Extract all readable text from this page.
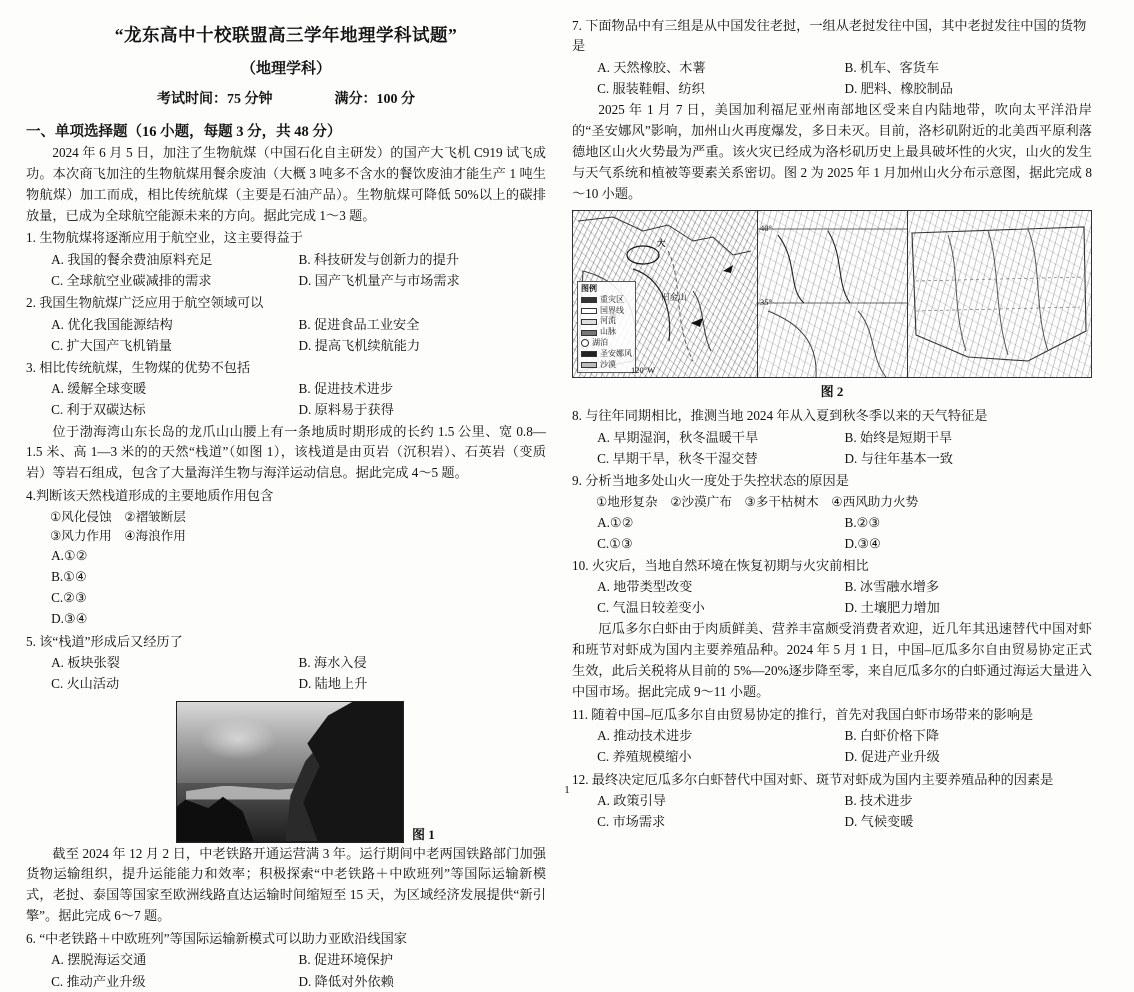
“龙东高中十校联盟高三学年地理学科试题”
（地理学科）
考试时间：75 分钟	满分：100 分
一、单项选择题（16 小题，每题 3 分，共 48 分）

2024 年 6 月 5 日，加注了生物航煤（中国石化自主研发）的国产大飞机 C919 试飞成功。本次商飞加注的生物航煤用餐余废油（大概 3 吨多不含水的餐饮废油才能生产 1 吨生物航煤）加工而成，相比传统航煤（主要是石油产品）。生物航煤可降低 50%以上的碳排放量，已成为全球航空能源未来的方向。据此完成 1～3 题。

1. 生物航煤将逐渐应用于航空业，这主要得益于
A. 我国的餐余费油原料充足	B. 科技研发与创新力的提升
C. 全球航空业碳减排的需求	D. 国产飞机量产与市场需求
2. 我国生物航煤广泛应用于航空领域可以
A. 优化我国能源结构	B. 促进食品工业安全
C. 扩大国产飞机销量	D. 提高飞机续航能力
3. 相比传统航煤，生物煤的优势不包括
A. 缓解全球变暖	B. 促进技术进步
C. 利于双碳达标	D. 原料易于获得

位于渤海湾山东长岛的龙爪山山腰上有一条地质时期形成的长约 1.5 公里、宽 0.8—1.5 米、高 1—3 米的的天然“栈道”（如图 1），该栈道是由页岩（沉积岩）、石英岩（变质岩）等岩石组成，包含了大量海洋生物与海洋运动信息。据此完成 4～5 题。

4.判断该天然栈道形成的主要地质作用包含
①风化侵蚀　②褶皱断层
③风力作用　④海浪作用
A.①②
B.①④
C.②③
D.③④
5. 该“栈道”形成后又经历了
A. 板块张裂	B. 海水入侵
C. 火山活动	D. 陆地上升
图 1

截至 2024 年 12 月 2 日，中老铁路开通运营满 3 年。运行期间中老两国铁路部门加强货物运输组织，提升运能能力和效率；积极探索“中老铁路＋中欧班列”等国际运输新模式，老挝、泰国等国家至欧洲线路直达运输时间缩短至 15 天，为区域经济发展提供“新引擎”。据此完成 6～7 题。

6. “中老铁路＋中欧班列”等国际运输新模式可以助力亚欧沿线国家
A. 摆脱海运交通	B. 促进环境保护
C. 推动产业升级	D. 降低对外依赖
7. 下面物品中有三组是从中国发往老挝，一组从老挝发往中国，其中老挝发往中国的货物是
A. 天然橡胶、木薯	B. 机车、客货车
C. 服装鞋帽、纺织	D. 肥料、橡胶制品

2025 年 1 月 7 日，美国加利福尼亚州南部地区受来自内陆地带，吹向太平洋沿岸的“圣安娜风”影响，加州山火再度爆发，多日未灭。目前，洛杉矶附近的北美西平原利落德地区山火火势最为严重。该火灾已经成为洛杉矶历史上最具破坏性的火灾，山火的发生与天气系统和植被等要素关系密切。图 2 为 2025 年 1 月加州山火分布示意图，据此完成 8～10 小题。

大
旧金山
图例
重灾区
国界线
河流
山脉
湖泊
圣安娜风
沙漠
120°W
40°
35°
图 2
8. 与往年同期相比，推测当地 2024 年从入夏到秋冬季以来的天气特征是
A. 早期湿润，秋冬温暖干旱	B. 始终是短期干旱
C. 早期干旱，秋冬干湿交替	D. 与往年基本一致
9. 分析当地多处山火一度处于失控状态的原因是
①地形复杂　②沙漠广布　③多干枯树木　④西风助力火势
A.①②	B.②③
C.①③	D.③④
10. 火灾后，当地自然环境在恢复初期与火灾前相比
A. 地带类型改变	B. 冰雪融水增多
C. 气温日较差变小	D. 土壤肥力增加

厄瓜多尔白虾由于肉质鲜美、营养丰富颇受消费者欢迎，近几年其迅速替代中国对虾和班节对虾成为国内主要养殖品种。2024 年 5 月 1 日，中国–厄瓜多尔自由贸易协定正式生效，此后关税将从目前的 5%—20%逐步降至零，来自厄瓜多尔的白虾通过海运大量进入中国市场。据此完成 9～11 小题。

11. 随着中国–厄瓜多尔自由贸易协定的推行，首先对我国白虾市场带来的影响是
A. 推动技术进步	B. 白虾价格下降
C. 养殖规模缩小	D. 促进产业升级
12. 最终决定厄瓜多尔白虾替代中国对虾、斑节对虾成为国内主要养殖品种的因素是
A. 政策引导	B. 技术进步
C. 市场需求	D. 气候变暖
1
